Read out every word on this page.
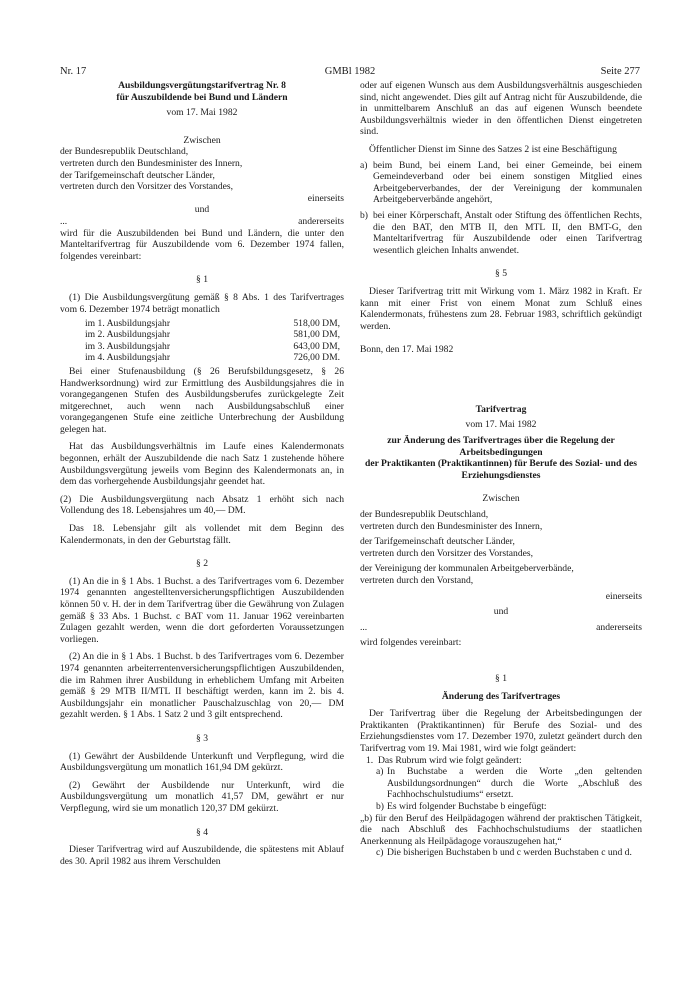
Nr. 17	GMBl 1982	Seite 277

Ausbildungsvergütungstarifvertrag Nr. 8

für Auszubildende bei Bund und Ländern

vom 17. Mai 1982

Zwischen

der Bundesrepublik Deutschland,

vertreten durch den Bundesminister des Innern,

der Tarifgemeinschaft deutscher Länder,

vertreten durch den Vorsitzer des Vorstandes,

einerseits

und

...	andererseits

wird für die Auszubildenden bei Bund und Ländern, die unter den Manteltarifvertrag für Auszubildende vom 6. Dezember 1974 fallen, folgendes vereinbart:

§ 1

(1) Die Ausbildungsvergütung gemäß § 8 Abs. 1 des Tarifvertrages vom 6. Dezember 1974 beträgt monatlich

im 1. Ausbildungsjahr	518,00 DM,
im 2. Ausbildungsjahr	581,00 DM,
im 3. Ausbildungsjahr	643,00 DM,
im 4. Ausbildungsjahr	726,00 DM.

Bei einer Stufenausbildung (§ 26 Berufsbildungsgesetz, § 26 Handwerksordnung) wird zur Ermittlung des Ausbildungsjahres die in vorangegangenen Stufen des Ausbildungsberufes zurückgelegte Zeit mitgerechnet, auch wenn nach Ausbildungsabschluß einer vorangegangenen Stufe eine zeitliche Unterbrechung der Ausbildung gelegen hat.

Hat das Ausbildungsverhältnis im Laufe eines Kalendermonats begonnen, erhält der Auszubildende die nach Satz 1 zustehende höhere Ausbildungsvergütung jeweils vom Beginn des Kalendermonats an, in dem das vorhergehende Ausbildungsjahr geendet hat.

(2) Die Ausbildungsvergütung nach Absatz 1 erhöht sich nach Vollendung des 18. Lebensjahres um 40,— DM.

Das 18. Lebensjahr gilt als vollendet mit dem Beginn des Kalendermonats, in den der Geburtstag fällt.

§ 2

(1) An die in § 1 Abs. 1 Buchst. a des Tarifvertrages vom 6. Dezember 1974 genannten angestelltenversicherungspflichtigen Auszubildenden können 50 v. H. der in dem Tarifvertrag über die Gewährung von Zulagen gemäß § 33 Abs. 1 Buchst. c BAT vom 11. Januar 1962 vereinbarten Zulagen gezahlt werden, wenn die dort geforderten Voraussetzungen vorliegen.

(2) An die in § 1 Abs. 1 Buchst. b des Tarifvertrages vom 6. Dezember 1974 genannten arbeiterrentenversicherungspflichtigen Auszubildenden, die im Rahmen ihrer Ausbildung in erheblichem Umfang mit Arbeiten gemäß § 29 MTB II/MTL II beschäftigt werden, kann im 2. bis 4. Ausbildungsjahr ein monatlicher Pauschalzuschlag von 20,— DM gezahlt werden. § 1 Abs. 1 Satz 2 und 3 gilt entsprechend.

§ 3

(1) Gewährt der Ausbildende Unterkunft und Verpflegung, wird die Ausbildungsvergütung um monatlich 161,94 DM gekürzt.

(2) Gewährt der Ausbildende nur Unterkunft, wird die Ausbildungsvergütung um monatlich 41,57 DM, gewährt er nur Verpflegung, wird sie um monatlich 120,37 DM gekürzt.

§ 4

Dieser Tarifvertrag wird auf Auszubildende, die spätestens mit Ablauf des 30. April 1982 aus ihrem Verschulden

oder auf eigenen Wunsch aus dem Ausbildungsverhältnis ausgeschieden sind, nicht angewendet. Dies gilt auf Antrag nicht für Auszubildende, die in unmittelbarem Anschluß an das auf eigenen Wunsch beendete Ausbildungsverhältnis wieder in den öffentlichen Dienst eingetreten sind.

Öffentlicher Dienst im Sinne des Satzes 2 ist eine Beschäftigung

a) beim Bund, bei einem Land, bei einer Gemeinde, bei einem Gemeindeverband oder bei einem sonstigen Mitglied eines Arbeitgeberverbandes, der der Vereinigung der kommunalen Arbeitgeberverbände angehört,
b) bei einer Körperschaft, Anstalt oder Stiftung des öffentlichen Rechts, die den BAT, den MTB II, den MTL II, den BMT-G, den Manteltarifvertrag für Auszubildende oder einen Tarifvertrag wesentlich gleichen Inhalts anwendet.

§ 5

Dieser Tarifvertrag tritt mit Wirkung vom 1. März 1982 in Kraft. Er kann mit einer Frist von einem Monat zum Schluß eines Kalendermonats, frühestens zum 28. Februar 1983, schriftlich gekündigt werden.

Bonn, den 17. Mai 1982

Tarifvertrag

vom 17. Mai 1982

zur Änderung des Tarifvertrages über die Regelung der Arbeitsbedingungen

der Praktikanten (Praktikantinnen) für Berufe des Sozial- und des Erziehungsdienstes

Zwischen

der Bundesrepublik Deutschland,

vertreten durch den Bundesminister des Innern,

der Tarifgemeinschaft deutscher Länder,

vertreten durch den Vorsitzer des Vorstandes,

der Vereinigung der kommunalen Arbeitgeberverbände,

vertreten durch den Vorstand,

einerseits

und

...	andererseits

wird folgendes vereinbart:

§ 1

Änderung des Tarifvertrages

Der Tarifvertrag über die Regelung der Arbeitsbedingungen der Praktikanten (Praktikantinnen) für Berufe des Sozial- und des Erziehungsdienstes vom 17. Dezember 1970, zuletzt geändert durch den Tarifvertrag vom 19. Mai 1981, wird wie folgt geändert:

1. Das Rubrum wird wie folgt geändert:
a) In Buchstabe a werden die Worte „den geltenden Ausbildungsordnungen“ durch die Worte „Abschluß des Fachhochschulstudiums“ ersetzt.
b) Es wird folgender Buchstabe b eingefügt:

„b) für den Beruf des Heilpädagogen während der praktischen Tätigkeit, die nach Abschluß des Fachhochschulstudiums der staatlichen Anerkennung als Heilpädagoge vorauszugehen hat,“

c) Die bisherigen Buchstaben b und c werden Buchstaben c und d.
